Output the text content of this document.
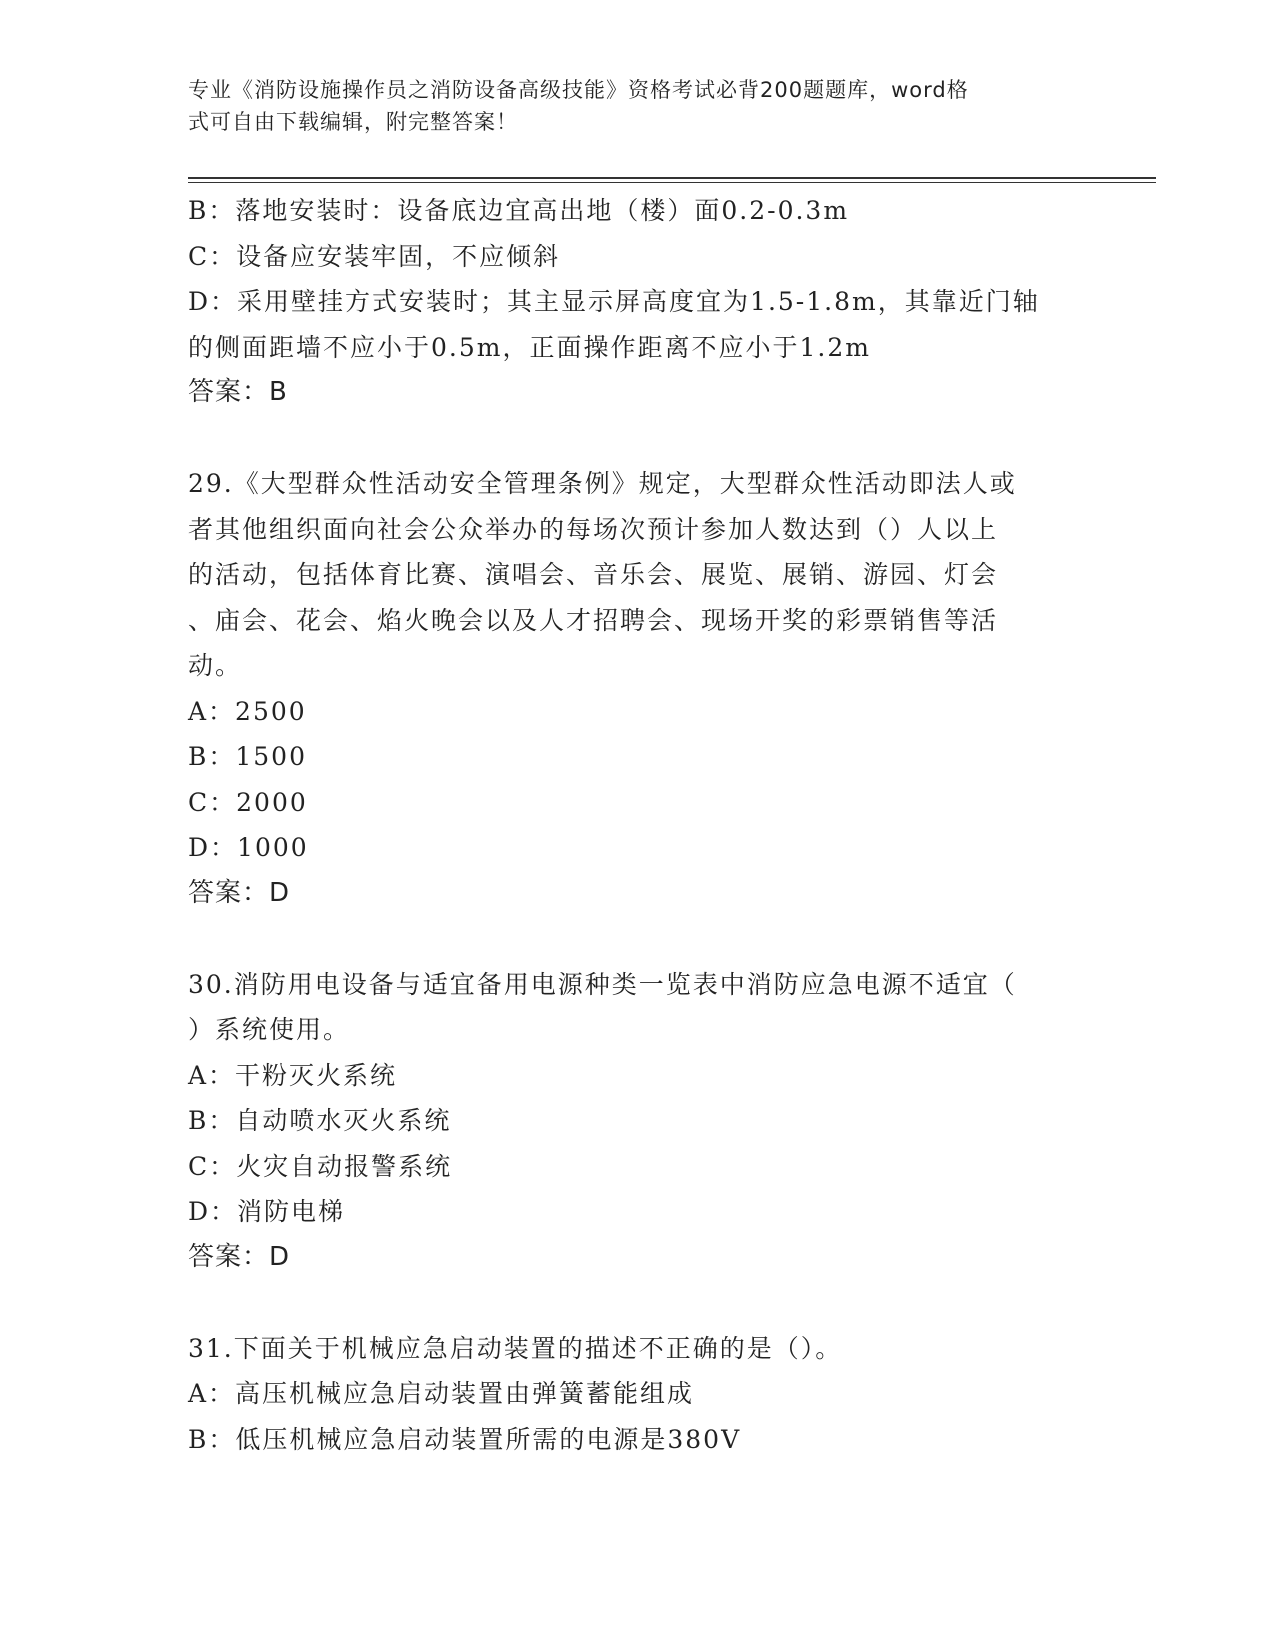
专业《消防设施操作员之消防设备高级技能》资格考试必背200题题库，word格
式可自由下载编辑，附完整答案！
B：落地安装时：设备底边宜高出地（楼）面0.2-0.3m
C：设备应安装牢固，不应倾斜
D：采用壁挂方式安装时；其主显示屏高度宜为1.5-1.8m，其靠近门轴
的侧面距墙不应小于0.5m，正面操作距离不应小于1.2m
答案：B
29.《大型群众性活动安全管理条例》规定，大型群众性活动即法人或
者其他组织面向社会公众举办的每场次预计参加人数达到（）人以上
的活动，包括体育比赛、演唱会、音乐会、展览、展销、游园、灯会
、庙会、花会、焰火晚会以及人才招聘会、现场开奖的彩票销售等活
动。
A：2500
B：1500
C：2000
D：1000
答案：D
30.消防用电设备与适宜备用电源种类一览表中消防应急电源不适宜（
）系统使用。
A：干粉灭火系统
B：自动喷水灭火系统
C：火灾自动报警系统
D：消防电梯
答案：D
31.下面关于机械应急启动装置的描述不正确的是（）。
A：高压机械应急启动装置由弹簧蓄能组成
B：低压机械应急启动装置所需的电源是380V
